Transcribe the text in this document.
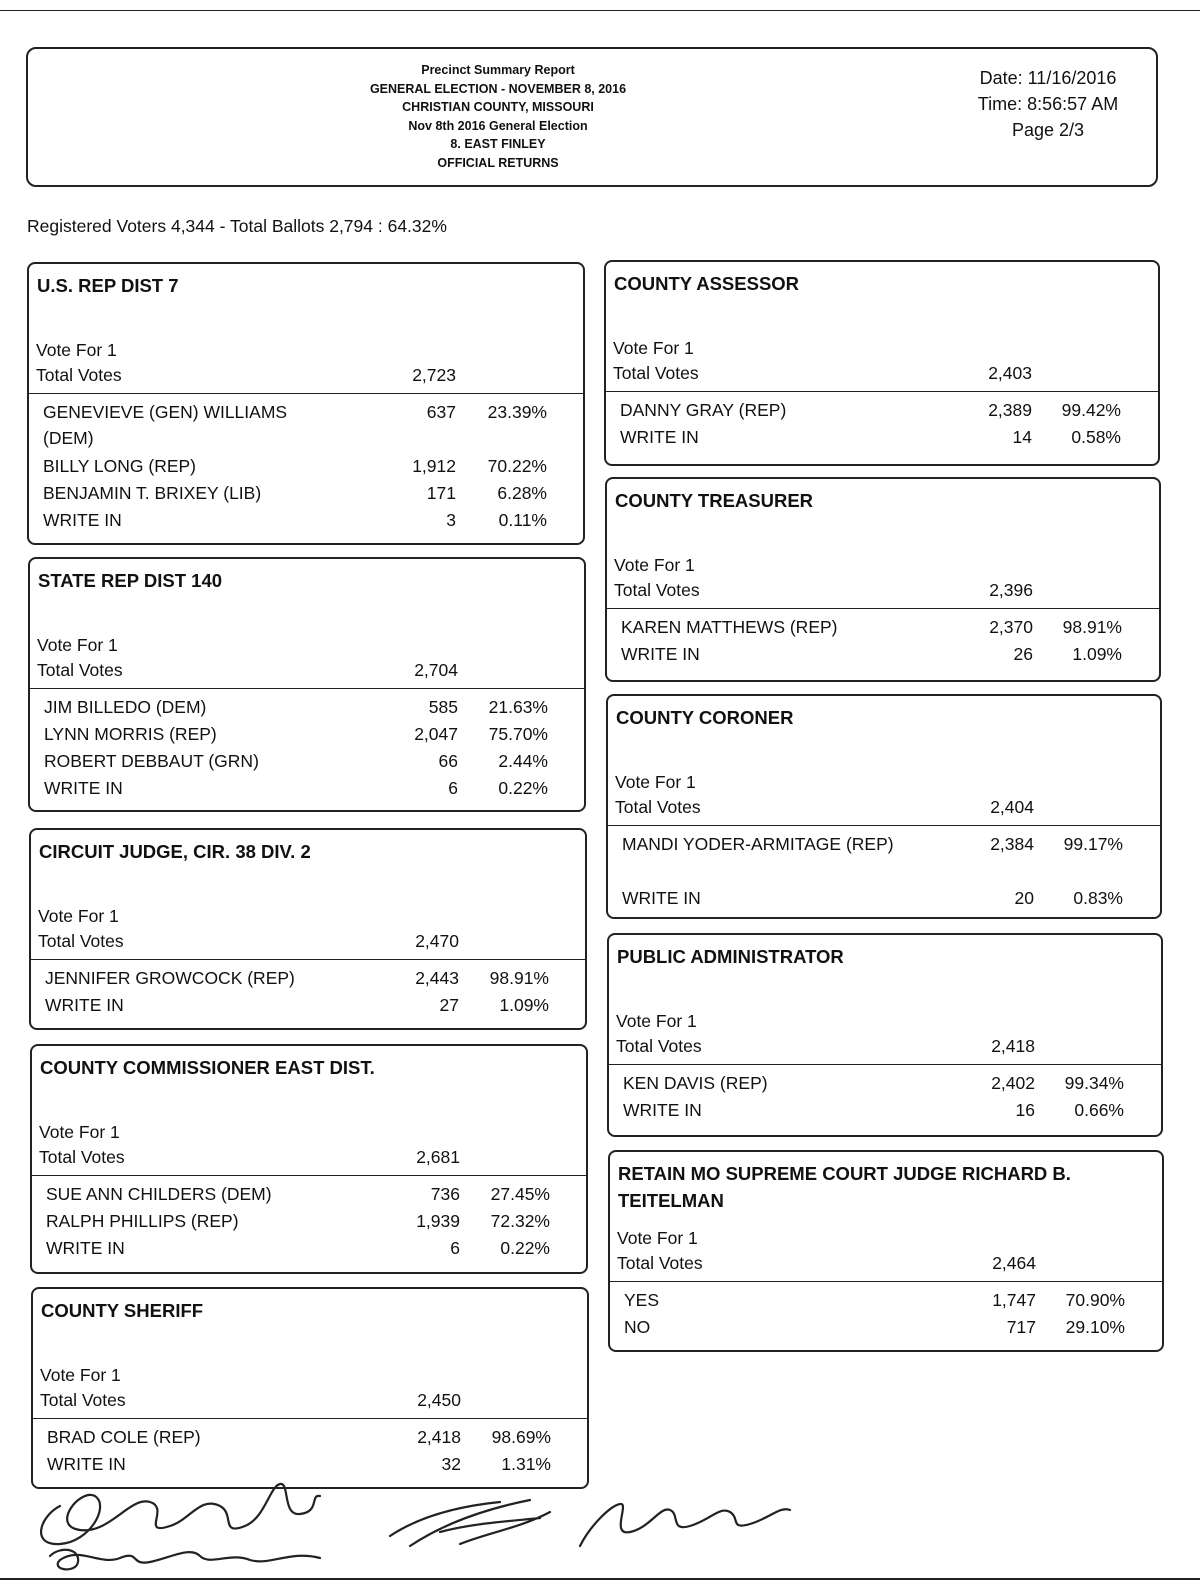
Precinct Summary Report
GENERAL ELECTION - NOVEMBER 8, 2016
CHRISTIAN COUNTY, MISSOURI
Nov 8th 2016 General Election
8. EAST FINLEY
OFFICIAL RETURNS
Date: 11/16/2016
Time: 8:56:57 AM
Page 2/3
Registered Voters 4,344 - Total Ballots 2,794 : 64.32%
U.S. REP DIST 7
Vote For 1
Total Votes	2,723
GENEVIEVE (GEN) WILLIAMS (DEM)
637	23.39%
BILLY LONG (REP)	1,912	70.22%
BENJAMIN T. BRIXEY (LIB)	171	6.28%
WRITE IN	3	0.11%
STATE REP DIST 140
Vote For 1
Total Votes	2,704
JIM BILLEDO (DEM)	585	21.63%
LYNN MORRIS (REP)	2,047	75.70%
ROBERT DEBBAUT (GRN)	66	2.44%
WRITE IN	6	0.22%
CIRCUIT JUDGE, CIR. 38 DIV. 2
Vote For 1
Total Votes	2,470
JENNIFER GROWCOCK (REP)	2,443	98.91%
WRITE IN	27	1.09%
COUNTY COMMISSIONER EAST DIST.
Vote For 1
Total Votes	2,681
SUE ANN CHILDERS (DEM)	736	27.45%
RALPH PHILLIPS (REP)	1,939	72.32%
WRITE IN	6	0.22%
COUNTY SHERIFF
Vote For 1
Total Votes	2,450
BRAD COLE (REP)	2,418	98.69%
WRITE IN	32	1.31%
COUNTY ASSESSOR
Vote For 1
Total Votes	2,403
DANNY GRAY (REP)	2,389	99.42%
WRITE IN	14	0.58%
COUNTY TREASURER
Vote For 1
Total Votes	2,396
KAREN MATTHEWS (REP)	2,370	98.91%
WRITE IN	26	1.09%
COUNTY CORONER
Vote For 1
Total Votes	2,404
MANDI YODER-ARMITAGE (REP)	2,384	99.17%
WRITE IN	20	0.83%
PUBLIC ADMINISTRATOR
Vote For 1
Total Votes	2,418
KEN DAVIS (REP)	2,402	99.34%
WRITE IN	16	0.66%
RETAIN MO SUPREME COURT JUDGE RICHARD B. TEITELMAN
Vote For 1
Total Votes	2,464
YES	1,747	70.90%
NO	717	29.10%
